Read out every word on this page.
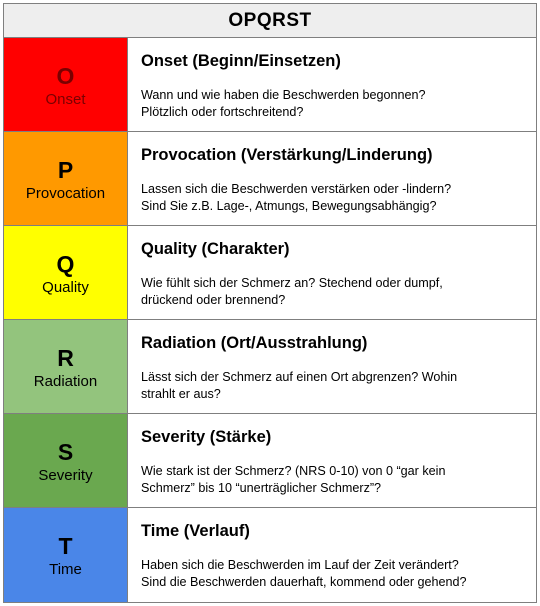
OPQRST
O
Onset
Onset (Beginn/Einsetzen)
Wann und wie haben die Beschwerden begonnen?
Plötzlich oder fortschreitend?
P
Provocation
Provocation (Verstärkung/Linderung)
Lassen sich die Beschwerden verstärken oder -lindern?
Sind Sie z.B. Lage-, Atmungs, Bewegungsabhängig?
Q
Quality
Quality (Charakter)
Wie fühlt sich der Schmerz an? Stechend oder dumpf,
drückend oder brennend?
R
Radiation
Radiation (Ort/Ausstrahlung)
Lässt sich der Schmerz auf einen Ort abgrenzen? Wohin
strahlt er aus?
S
Severity
Severity (Stärke)
Wie stark ist der Schmerz? (NRS 0-10) von 0 “gar kein
Schmerz” bis 10 “unerträglicher Schmerz”?
T
Time
Time (Verlauf)
Haben sich die Beschwerden im Lauf der Zeit verändert?
Sind die Beschwerden dauerhaft, kommend oder gehend?
